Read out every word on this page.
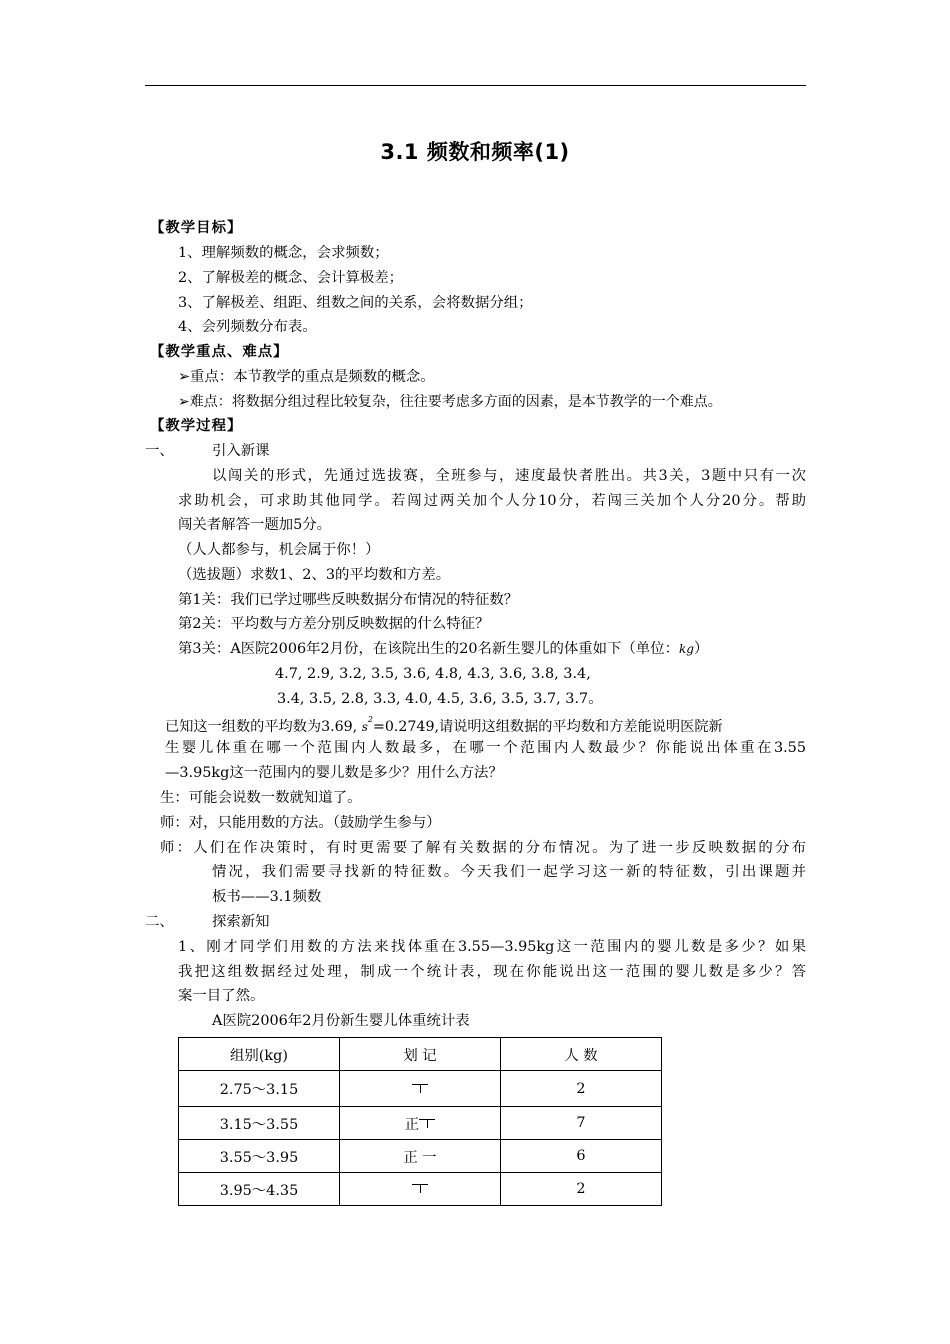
3.1 频数和频率(1)
【教学目标】
1、理解频数的概念，会求频数；
2、了解极差的概念、会计算极差；
3、了解极差、组距、组数之间的关系，会将数据分组；
4、会列频数分布表。
【教学重点、难点】
➢重点：本节教学的重点是频数的概念。
➢难点：将数据分组过程比较复杂，往往要考虑多方面的因素，是本节教学的一个难点。
【教学过程】
一、	引入新课
以闯关的形式，先通过选拔赛，全班参与，速度最快者胜出。共3关，3题中只有一次
求助机会，可求助其他同学。若闯过两关加个人分10分，若闯三关加个人分20分。帮助
闯关者解答一题加5分。
（人人都参与，机会属于你！）
（选拔题）求数1、2、3的平均数和方差。
第1关：我们已学过哪些反映数据分布情况的特征数？
第2关：平均数与方差分别反映数据的什么特征？
第3关：A医院2006年2月份，在该院出生的20名新生婴儿的体重如下（单位：kg）
4.7, 2.9, 3.2, 3.5, 3.6, 4.8, 4.3, 3.6, 3.8, 3.4,
3.4, 3.5, 2.8, 3.3, 4.0, 4.5, 3.6, 3.5, 3.7, 3.7。
已知这一组数的平均数为3.69, $s^2=0.2749$,请说明这组数据的平均数和方差能说明医院新
生婴儿体重在哪一个范围内人数最多，在哪一个范围内人数最少？你能说出体重在3.55
—3.95kg这一范围内的婴儿数是多少？用什么方法？
生：可能会说数一数就知道了。
师：对，只能用数的方法。（鼓励学生参与）
师：人们在作决策时，有时更需要了解有关数据的分布情况。为了进一步反映数据的分布
情况，我们需要寻找新的特征数。今天我们一起学习这一新的特征数，引出课题并
板书——3.1频数
二、	探索新知
1、刚才同学们用数的方法来找体重在3.55—3.95kg这一范围内的婴儿数是多少？如果
我把这组数据经过处理，制成一个统计表，现在你能说出这一范围的婴儿数是多少？答
案一目了然。
A医院2006年2月份新生婴儿体重统计表
组别(kg)	划 记	人 数
2.75～3.15		2
3.15～3.55	正	7
3.55～3.95	正 一	6
3.95～4.35		2
